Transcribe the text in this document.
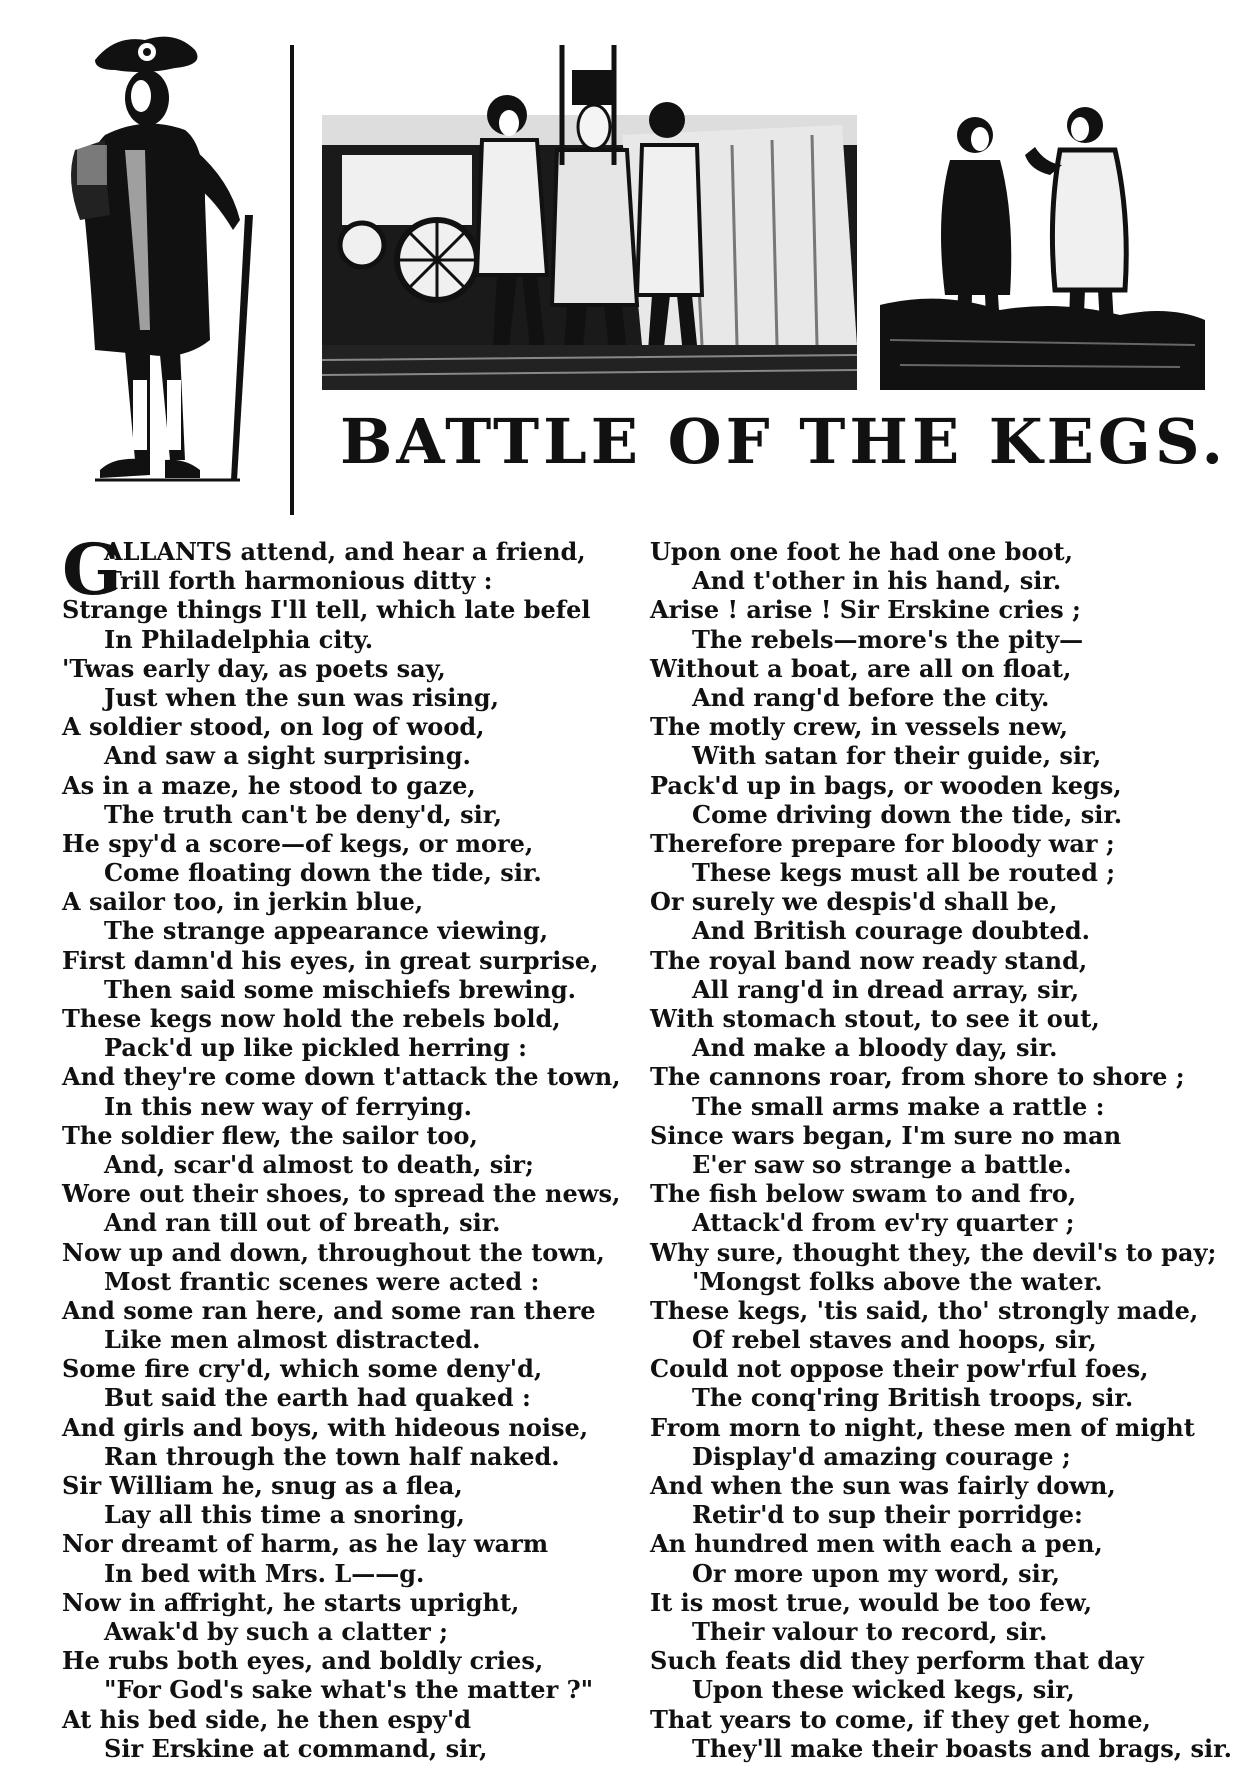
BATTLE OF THE KEGS.
G
ALLANTS attend, and hear a friend,
Trill forth harmonious ditty :
Strange things I'll tell, which late befel
In Philadelphia city.
'Twas early day, as poets say,
Just when the sun was rising,
A soldier stood, on log of wood,
And saw a sight surprising.
As in a maze, he stood to gaze,
The truth can't be deny'd, sir,
He spy'd a score—of kegs, or more,
Come floating down the tide, sir.
A sailor too, in jerkin blue,
The strange appearance viewing,
First damn'd his eyes, in great surprise,
Then said some mischiefs brewing.
These kegs now hold the rebels bold,
Pack'd up like pickled herring :
And they're come down t'attack the town,
In this new way of ferrying.
The soldier flew, the sailor too,
And, scar'd almost to death, sir;
Wore out their shoes, to spread the news,
And ran till out of breath, sir.
Now up and down, throughout the town,
Most frantic scenes were acted :
And some ran here, and some ran there
Like men almost distracted.
Some fire cry'd, which some deny'd,
But said the earth had quaked :
And girls and boys, with hideous noise,
Ran through the town half naked.
Sir William he, snug as a flea,
Lay all this time a snoring,
Nor dreamt of harm, as he lay warm
In bed with Mrs. L——g.
Now in affright, he starts upright,
Awak'd by such a clatter ;
He rubs both eyes, and boldly cries,
"For God's sake what's the matter ?"
At his bed side, he then espy'd
Sir Erskine at command, sir,
Upon one foot he had one boot,
And t'other in his hand, sir.
Arise ! arise ! Sir Erskine cries ;
The rebels—more's the pity—
Without a boat, are all on float,
And rang'd before the city.
The motly crew, in vessels new,
With satan for their guide, sir,
Pack'd up in bags, or wooden kegs,
Come driving down the tide, sir.
Therefore prepare for bloody war ;
These kegs must all be routed ;
Or surely we despis'd shall be,
And British courage doubted.
The royal band now ready stand,
All rang'd in dread array, sir,
With stomach stout, to see it out,
And make a bloody day, sir.
The cannons roar, from shore to shore ;
The small arms make a rattle :
Since wars began, I'm sure no man
E'er saw so strange a battle.
The fish below swam to and fro,
Attack'd from ev'ry quarter ;
Why sure, thought they, the devil's to pay;
'Mongst folks above the water.
These kegs, 'tis said, tho' strongly made,
Of rebel staves and hoops, sir,
Could not oppose their pow'rful foes,
The conq'ring British troops, sir.
From morn to night, these men of might
Display'd amazing courage ;
And when the sun was fairly down,
Retir'd to sup their porridge:
An hundred men with each a pen,
Or more upon my word, sir,
It is most true, would be too few,
Their valour to record, sir.
Such feats did they perform that day
Upon these wicked kegs, sir,
That years to come, if they get home,
They'll make their boasts and brags, sir.
